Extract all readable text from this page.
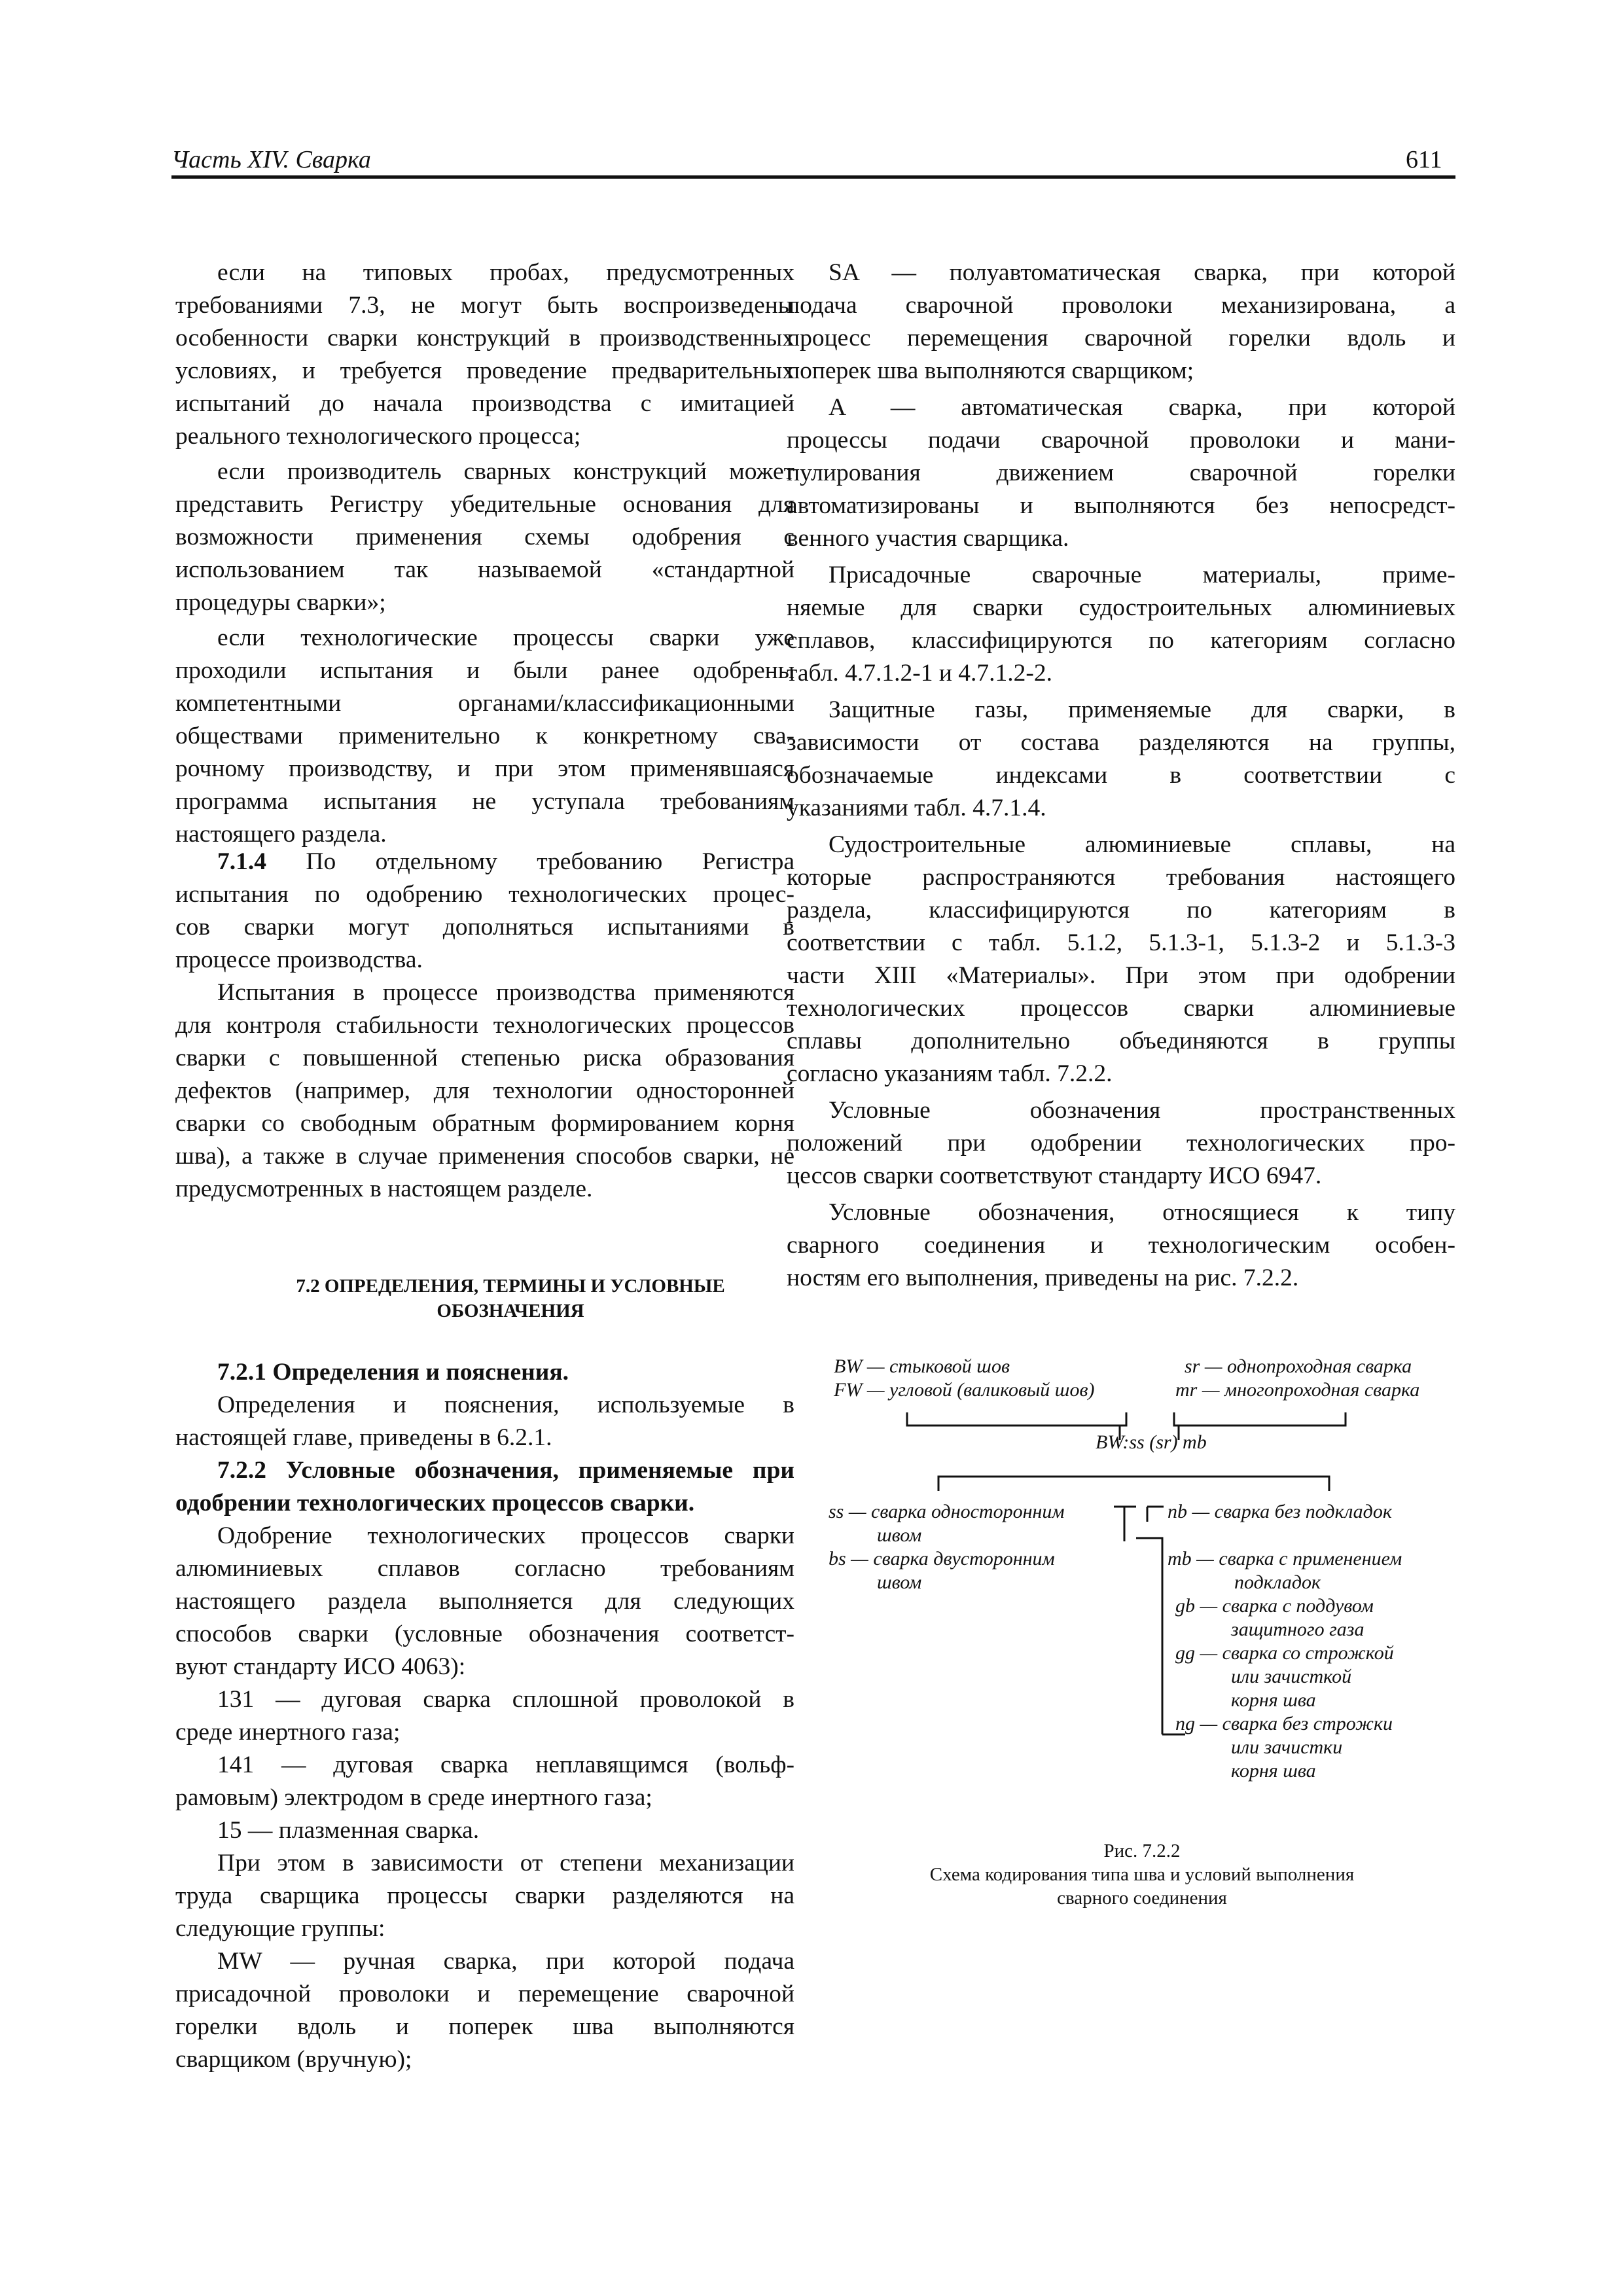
Часть XIV. Сварка	611
если на типовых пробах, предусмотренных
требованиями 7.3, не могут быть воспроизведены
особенности сварки конструкций в производственных
условиях, и требуется проведение предварительных
испытаний до начала производства с имитацией
реального технологического процесса;
если производитель сварных конструкций может
представить Регистру убедительные основания для
возможности применения схемы одобрения с
использованием так называемой «стандартной
процедуры сварки»;
если технологические процессы сварки уже
проходили испытания и были ранее одобрены
компетентными органами/классификационными
обществами применительно к конкретному сва-
рочному производству, и при этом применявшаяся
программа испытания не уступала требованиям
настоящего раздела.
7.1.4 По отдельному требованию Регистра
испытания по одобрению технологических процес-
сов сварки могут дополняться испытаниями в
процессе производства.
Испытания в процессе производства применяются
для контроля стабильности технологических процессов
сварки с повышенной степенью риска образования
дефектов (например, для технологии односторонней
сварки со свободным обратным формированием корня
шва), а также в случае применения способов сварки, не
предусмотренных в настоящем разделе.
Определения и пояснения, используемые в
настоящей главе, приведены в 6.2.1.
Одобрение технологических процессов сварки
алюминиевых сплавов согласно требованиям
настоящего раздела выполняется для следующих
способов сварки (условные обозначения соответст-
вуют стандарту ИСО 4063):
131 — дуговая сварка сплошной проволокой в
среде инертного газа;
141 — дуговая сварка неплавящимся (вольф-
рамовым) электродом в среде инертного газа;
15 — плазменная сварка.
При этом в зависимости от степени механизации
труда сварщика процессы сварки разделяются на
следующие группы:
MW — ручная сварка, при которой подача
присадочной проволоки и перемещение сварочной
горелки вдоль и поперек шва выполняются
сварщиком (вручную);
7.2 ОПРЕДЕЛЕНИЯ, ТЕРМИНЫ И УСЛОВНЫЕ
ОБОЗНАЧЕНИЯ
7.2.1 Определения и пояснения.
7.2.2 Условные обозначения, применяемые при
одобрении технологических процессов сварки.
SA — полуавтоматическая сварка, при которой
подача сварочной проволоки механизирована, а
процесс перемещения сварочной горелки вдоль и
поперек шва выполняются сварщиком;
A — автоматическая сварка, при которой
процессы подачи сварочной проволоки и мани-
пулирования движением сварочной горелки
автоматизированы и выполняются без непосредст-
венного участия сварщика.
Присадочные сварочные материалы, приме-
няемые для сварки судостроительных алюминиевых
сплавов, классифицируются по категориям согласно
табл. 4.7.1.2-1 и 4.7.1.2-2.
Защитные газы, применяемые для сварки, в
зависимости от состава разделяются на группы,
обозначаемые индексами в соответствии с
указаниями табл. 4.7.1.4.
Судостроительные алюминиевые сплавы, на
которые распространяются требования настоящего
раздела, классифицируются по категориям в
соответствии с табл. 5.1.2, 5.1.3-1, 5.1.3-2 и 5.1.3-3
части XIII «Материалы». При этом при одобрении
технологических процессов сварки алюминиевые
сплавы дополнительно объединяются в группы
согласно указаниям табл. 7.2.2.
Условные обозначения пространственных
положений при одобрении технологических про-
цессов сварки соответствуют стандарту ИСО 6947.
Условные обозначения, относящиеся к типу
сварного соединения и технологическим особен-
ностям его выполнения, приведены на рис. 7.2.2.
BW — стыковой шов
FW — угловой (валиковый шов)
sr — однопроходная сварка
mr — многопроходная сварка
BW:ss (sr) mb
ss — сварка односторонним
швом
bs — сварка двусторонним
швом
nb — сварка без подкладок
mb — сварка с применением
подкладок
gb — сварка с поддувом
защитного газа
gg — сварка со строжкой
или зачисткой
корня шва
ng — сварка без строжки
или зачистки
корня шва
Рис. 7.2.2
Схема кодирования типа шва и условий выполнения
сварного соединения
